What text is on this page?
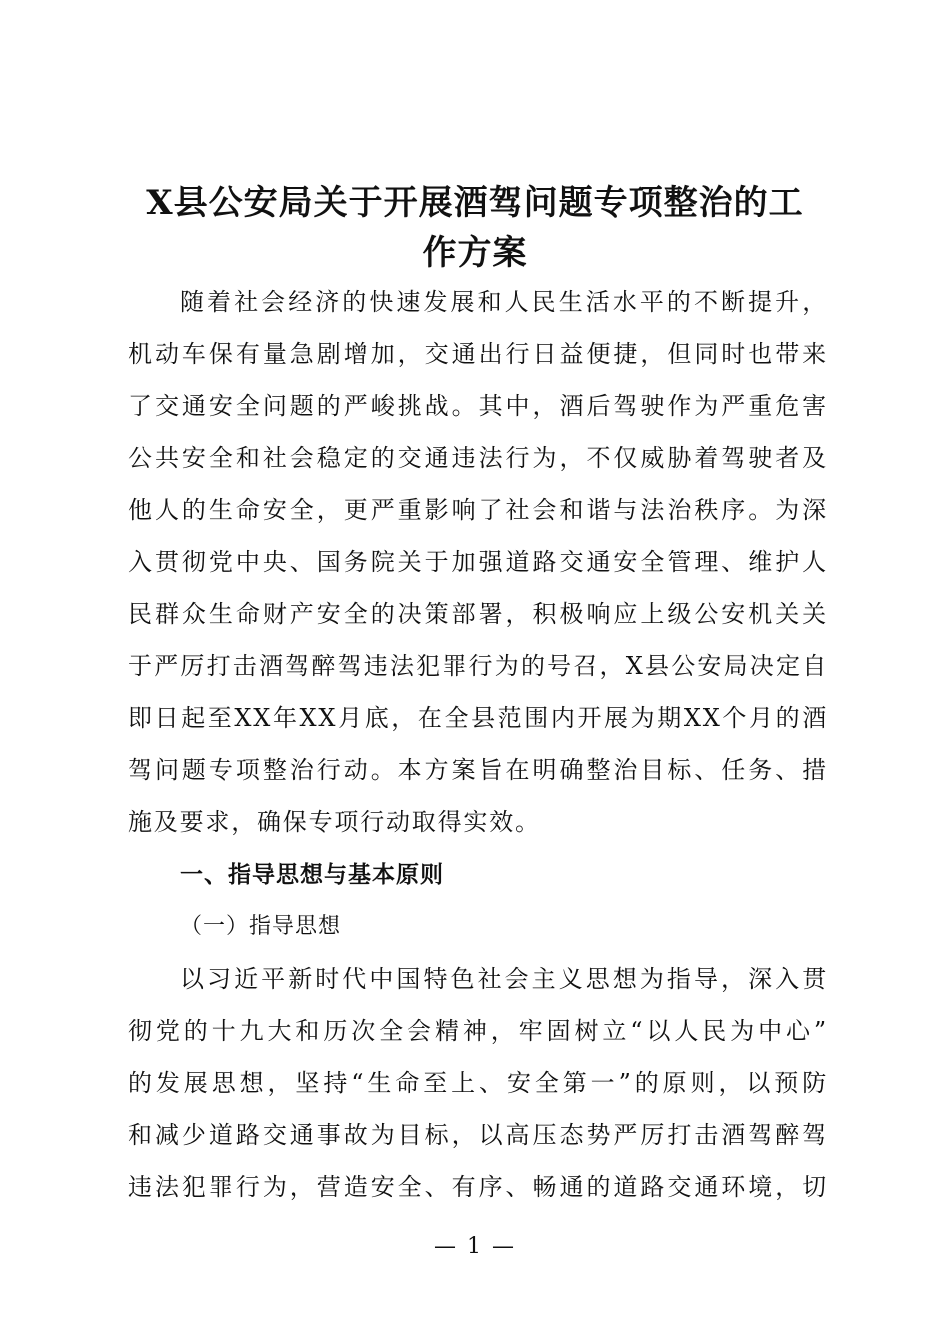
X县公安局关于开展酒驾问题专项整治的工
作方案
随着社会经济的快速发展和人民生活水平的不断提升，
机动车保有量急剧增加，交通出行日益便捷，但同时也带来
了交通安全问题的严峻挑战。其中，酒后驾驶作为严重危害
公共安全和社会稳定的交通违法行为，不仅威胁着驾驶者及
他人的生命安全，更严重影响了社会和谐与法治秩序。为深
入贯彻党中央、国务院关于加强道路交通安全管理、维护人
民群众生命财产安全的决策部署，积极响应上级公安机关关
于严厉打击酒驾醉驾违法犯罪行为的号召，X县公安局决定自
即日起至XX年XX月底，在全县范围内开展为期XX个月的酒
驾问题专项整治行动。本方案旨在明确整治目标、任务、措
施及要求，确保专项行动取得实效。
一、指导思想与基本原则
（一）指导思想
以习近平新时代中国特色社会主义思想为指导，深入贯
彻党的十九大和历次全会精神，牢固树立“以人民为中心”
的发展思想，坚持“生命至上、安全第一”的原则，以预防
和减少道路交通事故为目标，以高压态势严厉打击酒驾醉驾
违法犯罪行为，营造安全、有序、畅通的道路交通环境，切
— 1 —
